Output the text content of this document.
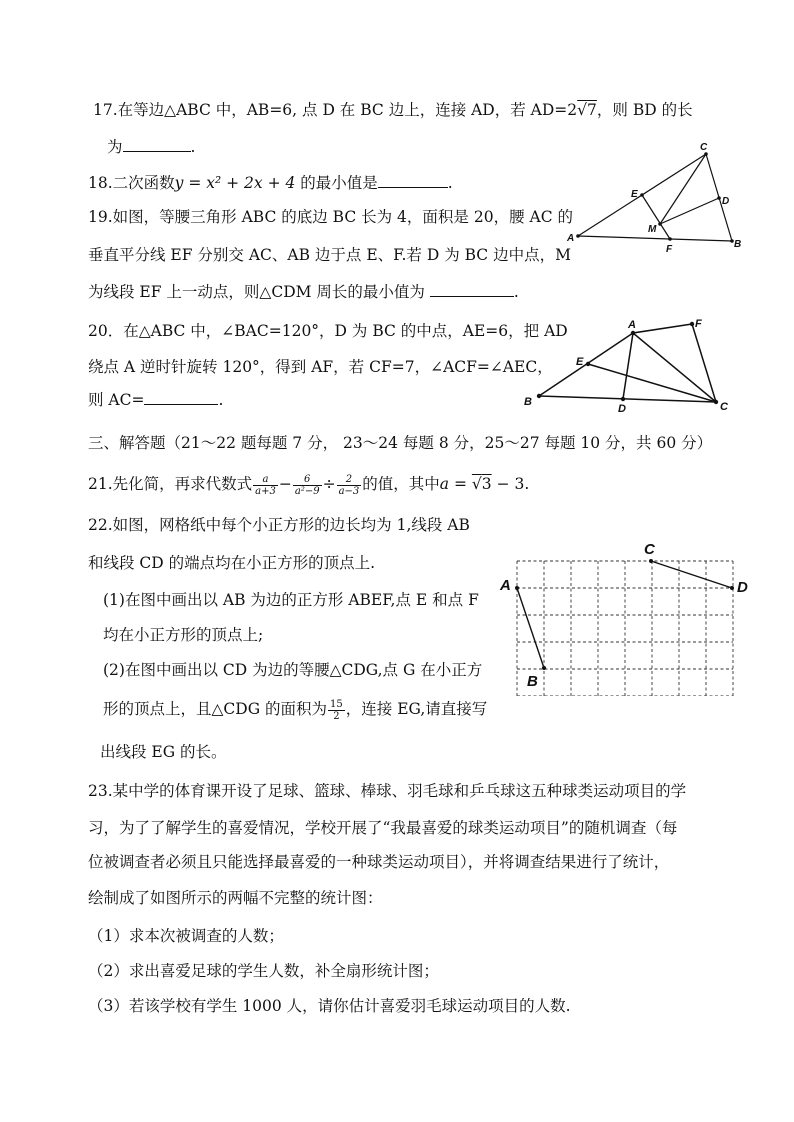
17.在等边△ABC 中，AB=6, 点 D 在 BC 边上，连接 AD，若 AD=2√7，则 BD 的长
为	.
18.二次函数y = x² + 2x + 4 的最小值是	.
19.如图，等腰三角形 ABC 的底边 BC 长为 4，面积是 20，腰 AC 的
垂直平分线 EF 分别交 AC、AB 边于点 E、F.若 D 为 BC 边中点，M
为线段 EF 上一动点，则△CDM 周长的最小值为	.
C
A
B
E
F
D
M
20．在△ABC 中，∠BAC=120°，D 为 BC 的中点，AE=6，把 AD
绕点 A 逆时针旋转 120°，得到 AF，若 CF=7，∠ACF=∠AEC，
则 AC=	.
A	F
E
B
D	C
三、解答题（21～22 题每题 7 分， 23～24 每题 8 分，25～27 每题 10 分，共 60 分）
21.先化简，再求代数式 $\frac{a}{a+3} - \frac{6}{\text{a²−9}} \div \frac{2}{a-3}$ 的值，其中a = √3 − 3.
22.如图，网格纸中每个小正方形的边长均为 1,线段 AB
和线段 CD 的端点均在小正方形的顶点上.
(1)在图中画出以 AB 为边的正方形 ABEF,点 E 和点 F
均在小正方形的顶点上;
(2)在图中画出以 CD 为边的等腰△CDG,点 G 在小正方
形的顶点上，且△CDG 的面积为 $\frac{15}{2}$ ，连接 EG,请直接写
出线段 EG 的长。
A
B
C
D
23.某中学的体育课开设了足球、篮球、棒球、羽毛球和乒乓球这五种球类运动项目的学
习，为了了解学生的喜爱情况，学校开展了“我最喜爱的球类运动项目”的随机调查（每
位被调查者必须且只能选择最喜爱的一种球类运动项目），并将调查结果进行了统计，
绘制成了如图所示的两幅不完整的统计图：
（1）求本次被调查的人数；
（2）求出喜爱足球的学生人数，补全扇形统计图；
（3）若该学校有学生 1000 人，请你估计喜爱羽毛球运动项目的人数.
